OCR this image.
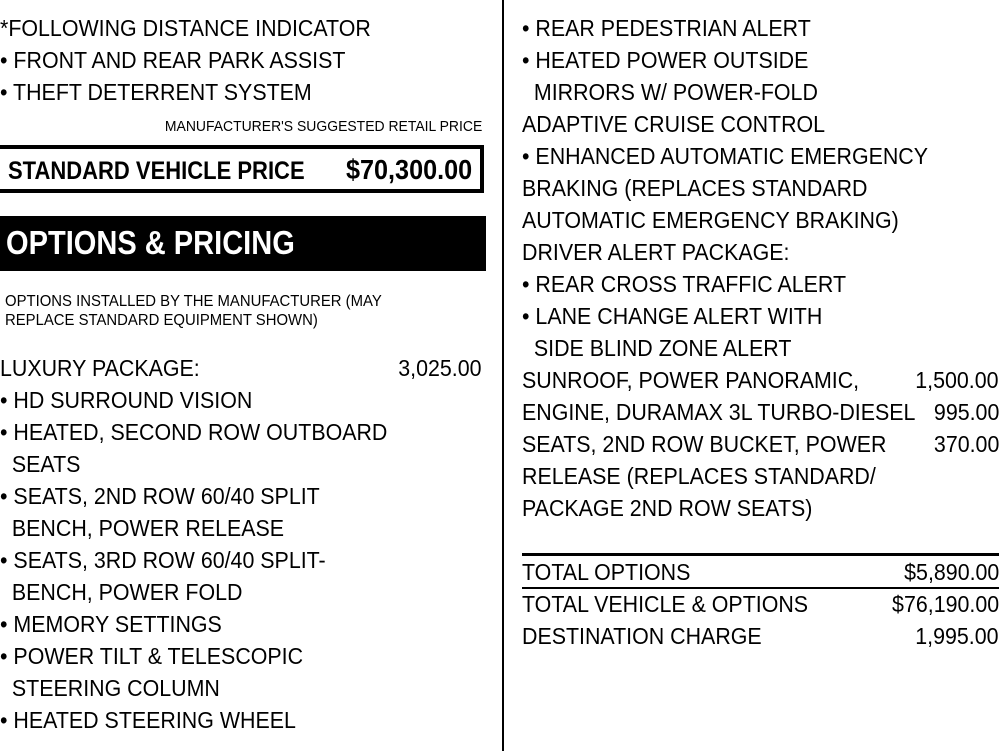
*FOLLOWING DISTANCE INDICATOR
• FRONT AND REAR PARK ASSIST
• THEFT DETERRENT SYSTEM
MANUFACTURER'S SUGGESTED RETAIL PRICE
STANDARD VEHICLE PRICE $70,300.00
OPTIONS & PRICING
OPTIONS INSTALLED BY THE MANUFACTURER (MAY REPLACE STANDARD EQUIPMENT SHOWN)
LUXURY PACKAGE:	3,025.00
• HD SURROUND VISION
• HEATED, SECOND ROW OUTBOARD
SEATS
• SEATS, 2ND ROW 60/40 SPLIT
BENCH, POWER RELEASE
• SEATS, 3RD ROW 60/40 SPLIT-
BENCH, POWER FOLD
• MEMORY SETTINGS
• POWER TILT & TELESCOPIC
STEERING COLUMN
• HEATED STEERING WHEEL
• REAR PEDESTRIAN ALERT
• HEATED POWER OUTSIDE
MIRRORS W/ POWER-FOLD
ADAPTIVE CRUISE CONTROL
• ENHANCED AUTOMATIC EMERGENCY
BRAKING (REPLACES STANDARD
AUTOMATIC EMERGENCY BRAKING)
DRIVER ALERT PACKAGE:
• REAR CROSS TRAFFIC ALERT
• LANE CHANGE ALERT WITH
SIDE BLIND ZONE ALERT
SUNROOF, POWER PANORAMIC, 1,500.00
ENGINE, DURAMAX 3L TURBO-DIESEL 995.00
SEATS, 2ND ROW BUCKET, POWER 370.00
RELEASE (REPLACES STANDARD/
PACKAGE 2ND ROW SEATS)
TOTAL OPTIONS	$5,890.00
TOTAL VEHICLE & OPTIONS	$76,190.00
DESTINATION CHARGE	1,995.00
